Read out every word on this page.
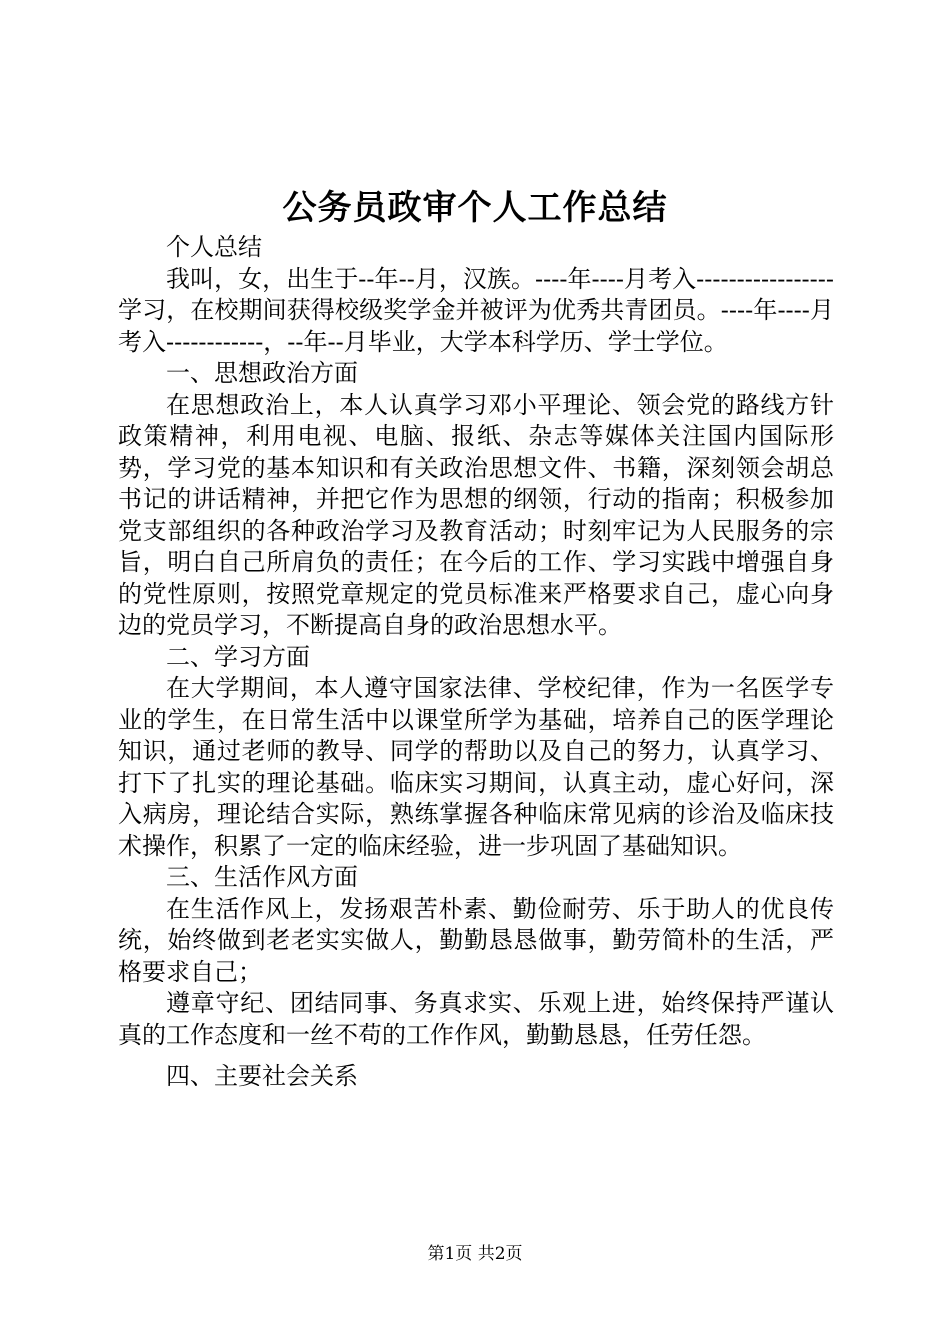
公务员政审个人工作总结

个人总结

我叫，女，出生于--年--月，汉族。----年----月考入-----------------学习，在校期间获得校级奖学金并被评为优秀共青团员。----年----月考入------------，--年--月毕业，大学本科学历、学士学位。

一、思想政治方面

在思想政治上，本人认真学习邓小平理论、领会党的路线方针政策精神，利用电视、电脑、报纸、杂志等媒体关注国内国际形势，学习党的基本知识和有关政治思想文件、书籍，深刻领会胡总书记的讲话精神，并把它作为思想的纲领，行动的指南；积极参加党支部组织的各种政治学习及教育活动；时刻牢记为人民服务的宗旨，明白自己所肩负的责任；在今后的工作、学习实践中增强自身的党性原则，按照党章规定的党员标准来严格要求自己，虚心向身边的党员学习，不断提高自身的政治思想水平。

二、学习方面

在大学期间，本人遵守国家法律、学校纪律，作为一名医学专业的学生，在日常生活中以课堂所学为基础，培养自己的医学理论知识，通过老师的教导、同学的帮助以及自己的努力，认真学习、打下了扎实的理论基础。临床实习期间，认真主动，虚心好问，深入病房，理论结合实际，熟练掌握各种临床常见病的诊治及临床技术操作，积累了一定的临床经验，进一步巩固了基础知识。

三、生活作风方面

在生活作风上，发扬艰苦朴素、勤俭耐劳、乐于助人的优良传统，始终做到老老实实做人，勤勤恳恳做事，勤劳简朴的生活，严格要求自己；

遵章守纪、团结同事、务真求实、乐观上进，始终保持严谨认真的工作态度和一丝不苟的工作作风，勤勤恳恳，任劳任怨。

四、主要社会关系

第1页 共2页
